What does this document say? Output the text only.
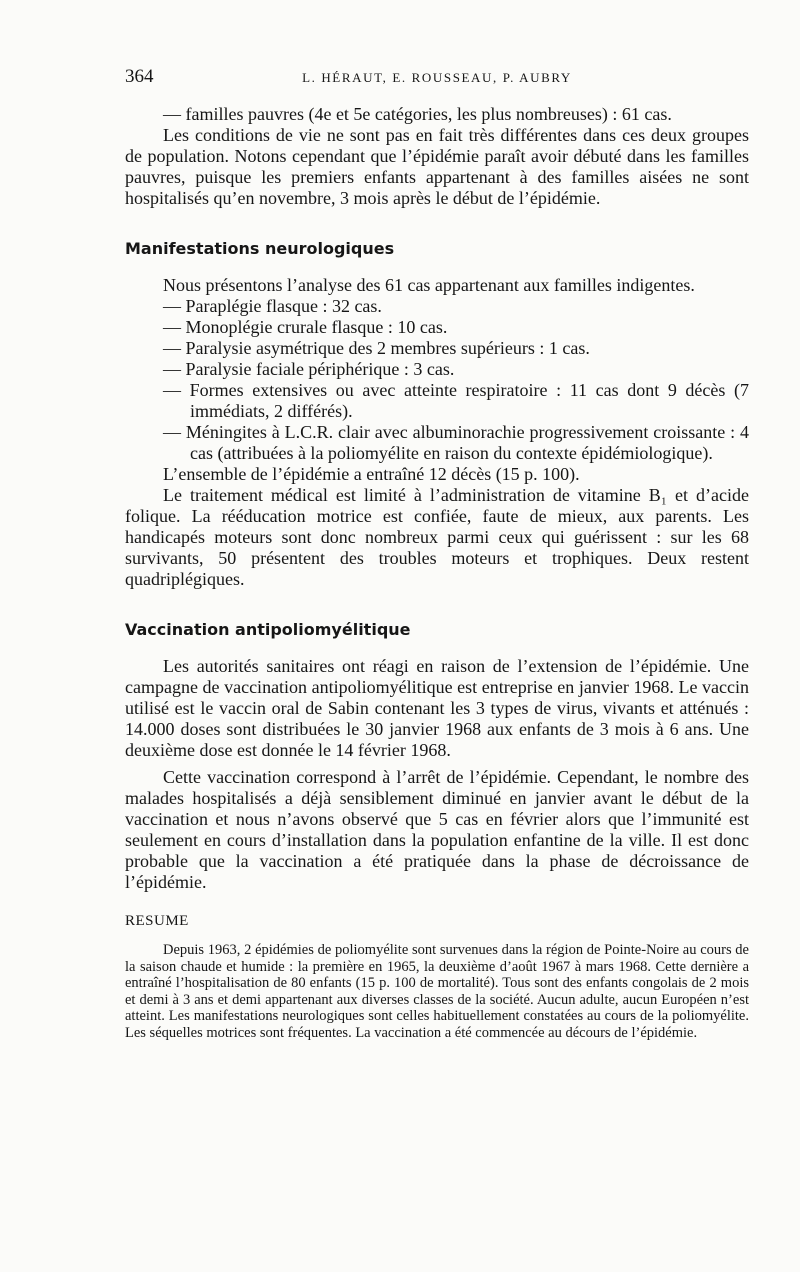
364	L. HÉRAUT, E. ROUSSEAU, P. AUBRY

— familles pauvres (4e et 5e catégories, les plus nombreuses) : 61 cas.

Les conditions de vie ne sont pas en fait très différentes dans ces deux groupes de population. Notons cependant que l’épidémie paraît avoir débuté dans les familles pauvres, puisque les premiers enfants appartenant à des familles aisées ne sont hospitalisés qu’en novembre, 3 mois après le début de l’épidémie.

Manifestations neurologiques

Nous présentons l’analyse des 61 cas appartenant aux familles indigentes.

— Paraplégie flasque : 32 cas.

— Monoplégie crurale flasque : 10 cas.

— Paralysie asymétrique des 2 membres supérieurs : 1 cas.

— Paralysie faciale périphérique : 3 cas.

— Formes extensives ou avec atteinte respiratoire : 11 cas dont 9 décès (7 immédiats, 2 différés).

— Méningites à L.C.R. clair avec albuminorachie progressivement croissante : 4 cas (attribuées à la poliomyélite en raison du contexte épidémiologique).

L’ensemble de l’épidémie a entraîné 12 décès (15 p. 100).

Le traitement médical est limité à l’administration de vitamine B₁ et d’acide folique. La rééducation motrice est confiée, faute de mieux, aux parents. Les handicapés moteurs sont donc nombreux parmi ceux qui guérissent : sur les 68 survivants, 50 présentent des troubles moteurs et trophiques. Deux restent quadriplégiques.

Vaccination antipoliomyélitique

Les autorités sanitaires ont réagi en raison de l’extension de l’épidémie. Une campagne de vaccination antipoliomyélitique est entreprise en janvier 1968. Le vaccin utilisé est le vaccin oral de Sabin contenant les 3 types de virus, vivants et atténués : 14.000 doses sont distribuées le 30 janvier 1968 aux enfants de 3 mois à 6 ans. Une deuxième dose est donnée le 14 février 1968.

Cette vaccination correspond à l’arrêt de l’épidémie. Cependant, le nombre des malades hospitalisés a déjà sensiblement diminué en janvier avant le début de la vaccination et nous n’avons observé que 5 cas en février alors que l’immunité est seulement en cours d’installation dans la population enfantine de la ville. Il est donc probable que la vaccination a été pratiquée dans la phase de décroissance de l’épidémie.

RESUME

Depuis 1963, 2 épidémies de poliomyélite sont survenues dans la région de Pointe-Noire au cours de la saison chaude et humide : la première en 1965, la deuxième d’août 1967 à mars 1968. Cette dernière a entraîné l’hospitalisation de 80 enfants (15 p. 100 de mortalité). Tous sont des enfants congolais de 2 mois et demi à 3 ans et demi appartenant aux diverses classes de la société. Aucun adulte, aucun Européen n’est atteint. Les manifestations neurologiques sont celles habituellement constatées au cours de la poliomyélite. Les séquelles motrices sont fréquentes. La vaccination a été commencée au décours de l’épidémie.
